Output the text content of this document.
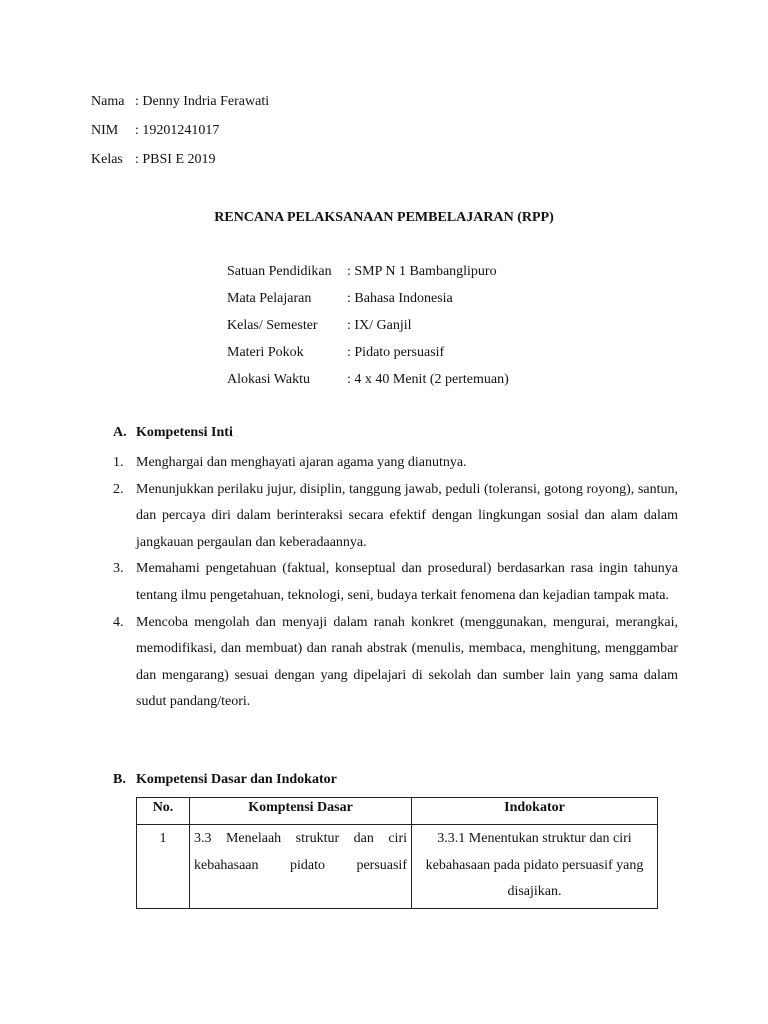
Nama : Denny Indria Ferawati
NIM : 19201241017
Kelas : PBSI E 2019
RENCANA PELAKSANAAN PEMBELAJARAN (RPP)
Satuan Pendidikan : SMP N 1 Bambanglipuro
Mata Pelajaran	: Bahasa Indonesia
Kelas/ Semester : IX/ Ganjil
Materi Pokok	: Pidato persuasif
Alokasi Waktu	: 4 x 40 Menit (2 pertemuan)
A. Kompetensi Inti
1. Menghargai dan menghayati ajaran agama yang dianutnya.
2. Menunjukkan perilaku jujur, disiplin, tanggung jawab, peduli (toleransi, gotong royong), santun, dan percaya diri dalam berinteraksi secara efektif dengan lingkungan sosial dan alam dalam jangkauan pergaulan dan keberadaannya.
3. Memahami pengetahuan (faktual, konseptual dan prosedural) berdasarkan rasa ingin tahunya tentang ilmu pengetahuan, teknologi, seni, budaya terkait fenomena dan kejadian tampak mata.
4. Mencoba mengolah dan menyaji dalam ranah konkret (menggunakan, mengurai, merangkai, memodifikasi, dan membuat) dan ranah abstrak (menulis, membaca, menghitung, menggambar dan mengarang) sesuai dengan yang dipelajari di sekolah dan sumber lain yang sama dalam sudut pandang/teori.
B. Kompetensi Dasar dan Indokator
No.	Komptensi Dasar	Indokator
1	3.3 Menelaah struktur dan ciri kebahasaan pidato persuasif	3.3.1 Menentukan struktur dan ciri kebahasaan pada pidato persuasif yang disajikan.
